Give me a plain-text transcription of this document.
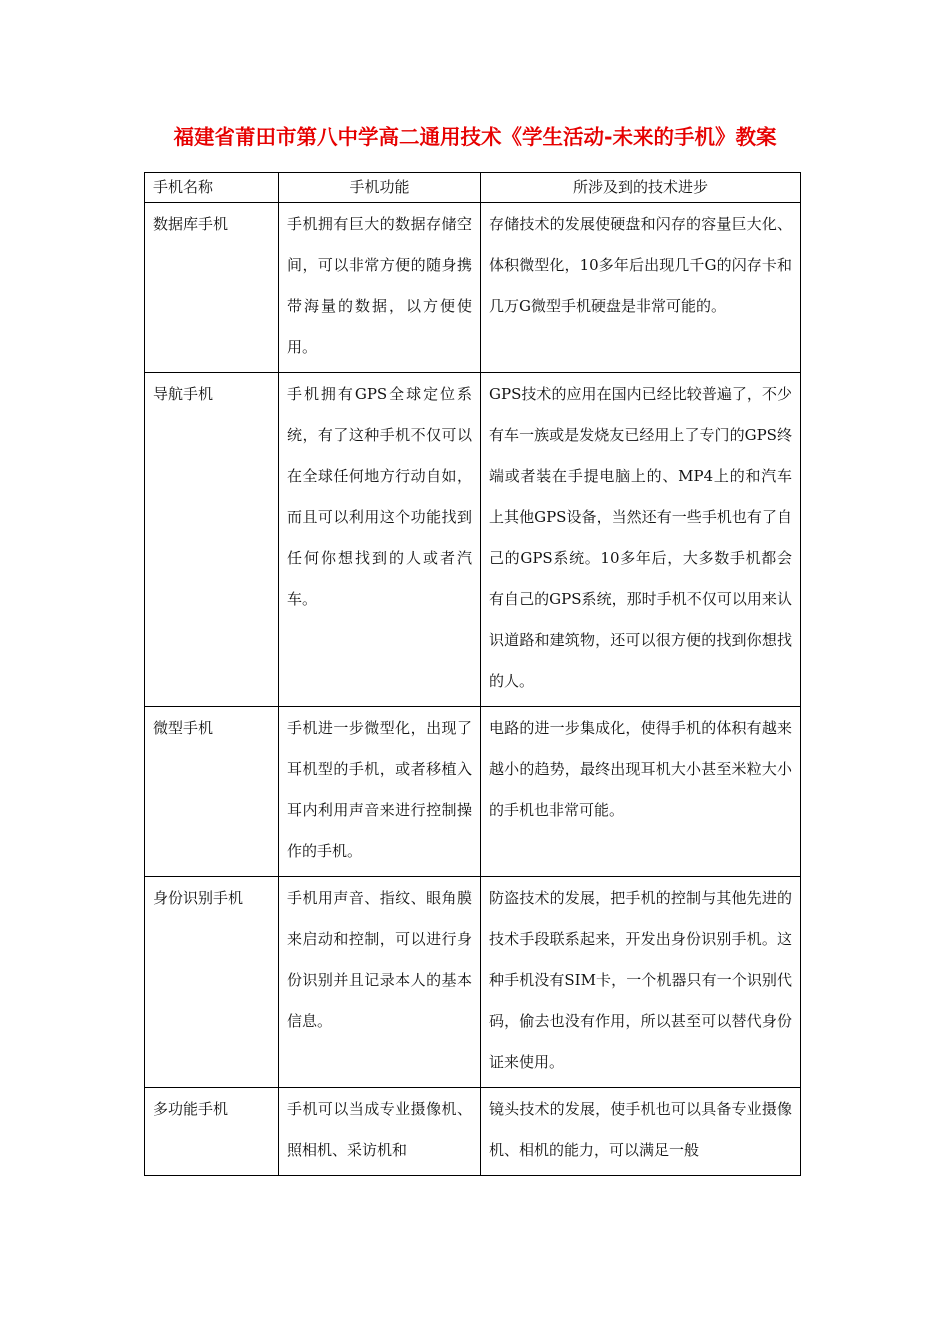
福建省莆田市第八中学高二通用技术《学生活动-未来的手机》教案
手机名称	手机功能	所涉及到的技术进步
数据库手机	手机拥有巨大的数据存储空间，可以非常方便的随身携带海量的数据，以方便使用。	存储技术的发展使硬盘和闪存的容量巨大化、体积微型化，10多年后出现几千G的闪存卡和几万G微型手机硬盘是非常可能的。
导航手机	手机拥有GPS全球定位系统，有了这种手机不仅可以在全球任何地方行动自如，而且可以利用这个功能找到任何你想找到的人或者汽车。	GPS技术的应用在国内已经比较普遍了，不少有车一族或是发烧友已经用上了专门的GPS终端或者装在手提电脑上的、MP4上的和汽车上其他GPS设备，当然还有一些手机也有了自己的GPS系统。10多年后，大多数手机都会有自己的GPS系统，那时手机不仅可以用来认识道路和建筑物，还可以很方便的找到你想找的人。
微型手机	手机进一步微型化，出现了耳机型的手机，或者移植入耳内利用声音来进行控制操作的手机。	电路的进一步集成化，使得手机的体积有越来越小的趋势，最终出现耳机大小甚至米粒大小的手机也非常可能。
身份识别手机	手机用声音、指纹、眼角膜来启动和控制，可以进行身份识别并且记录本人的基本信息。	防盗技术的发展，把手机的控制与其他先进的技术手段联系起来，开发出身份识别手机。这种手机没有SIM卡，一个机器只有一个识别代码，偷去也没有作用，所以甚至可以替代身份证来使用。
多功能手机	手机可以当成专业摄像机、照相机、采访机和	镜头技术的发展，使手机也可以具备专业摄像机、相机的能力，可以满足一般
